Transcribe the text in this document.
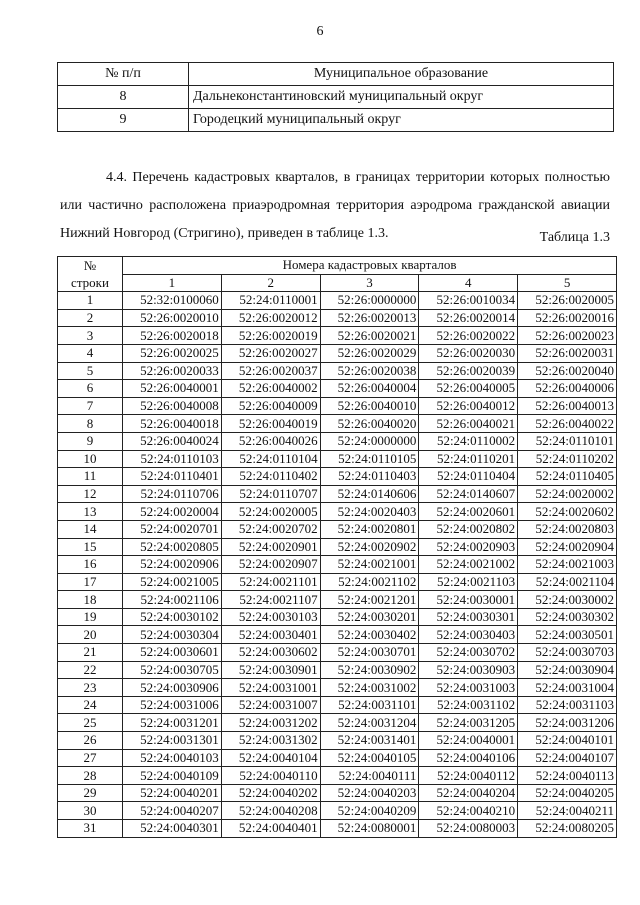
6
№ п/п	Муниципальное образование
8	Дальнеконстантиновский муниципальный округ
9	Городецкий муниципальный округ

4.4. Перечень кадастровых кварталов, в границах территории которых полностью или частично расположена приаэродромная территория аэродрома гражданской авиации Нижний Новгород (Стригино), приведен в таблице 1.3.	Таблица 1.3
№
строки	Номера кадастровых кварталов				
	1	2	3	4	5
1	52:32:0100060	52:24:0110001	52:26:0000000	52:26:0010034	52:26:0020005
2	52:26:0020010	52:26:0020012	52:26:0020013	52:26:0020014	52:26:0020016
3	52:26:0020018	52:26:0020019	52:26:0020021	52:26:0020022	52:26:0020023
4	52:26:0020025	52:26:0020027	52:26:0020029	52:26:0020030	52:26:0020031
5	52:26:0020033	52:26:0020037	52:26:0020038	52:26:0020039	52:26:0020040
6	52:26:0040001	52:26:0040002	52:26:0040004	52:26:0040005	52:26:0040006
7	52:26:0040008	52:26:0040009	52:26:0040010	52:26:0040012	52:26:0040013
8	52:26:0040018	52:26:0040019	52:26:0040020	52:26:0040021	52:26:0040022
9	52:26:0040024	52:26:0040026	52:24:0000000	52:24:0110002	52:24:0110101
10	52:24:0110103	52:24:0110104	52:24:0110105	52:24:0110201	52:24:0110202
11	52:24:0110401	52:24:0110402	52:24:0110403	52:24:0110404	52:24:0110405
12	52:24:0110706	52:24:0110707	52:24:0140606	52:24:0140607	52:24:0020002
13	52:24:0020004	52:24:0020005	52:24:0020403	52:24:0020601	52:24:0020602
14	52:24:0020701	52:24:0020702	52:24:0020801	52:24:0020802	52:24:0020803
15	52:24:0020805	52:24:0020901	52:24:0020902	52:24:0020903	52:24:0020904
16	52:24:0020906	52:24:0020907	52:24:0021001	52:24:0021002	52:24:0021003
17	52:24:0021005	52:24:0021101	52:24:0021102	52:24:0021103	52:24:0021104
18	52:24:0021106	52:24:0021107	52:24:0021201	52:24:0030001	52:24:0030002
19	52:24:0030102	52:24:0030103	52:24:0030201	52:24:0030301	52:24:0030302
20	52:24:0030304	52:24:0030401	52:24:0030402	52:24:0030403	52:24:0030501
21	52:24:0030601	52:24:0030602	52:24:0030701	52:24:0030702	52:24:0030703
22	52:24:0030705	52:24:0030901	52:24:0030902	52:24:0030903	52:24:0030904
23	52:24:0030906	52:24:0031001	52:24:0031002	52:24:0031003	52:24:0031004
24	52:24:0031006	52:24:0031007	52:24:0031101	52:24:0031102	52:24:0031103
25	52:24:0031201	52:24:0031202	52:24:0031204	52:24:0031205	52:24:0031206
26	52:24:0031301	52:24:0031302	52:24:0031401	52:24:0040001	52:24:0040101
27	52:24:0040103	52:24:0040104	52:24:0040105	52:24:0040106	52:24:0040107
28	52:24:0040109	52:24:0040110	52:24:0040111	52:24:0040112	52:24:0040113
29	52:24:0040201	52:24:0040202	52:24:0040203	52:24:0040204	52:24:0040205
30	52:24:0040207	52:24:0040208	52:24:0040209	52:24:0040210	52:24:0040211
31	52:24:0040301	52:24:0040401	52:24:0080001	52:24:0080003	52:24:0080205
